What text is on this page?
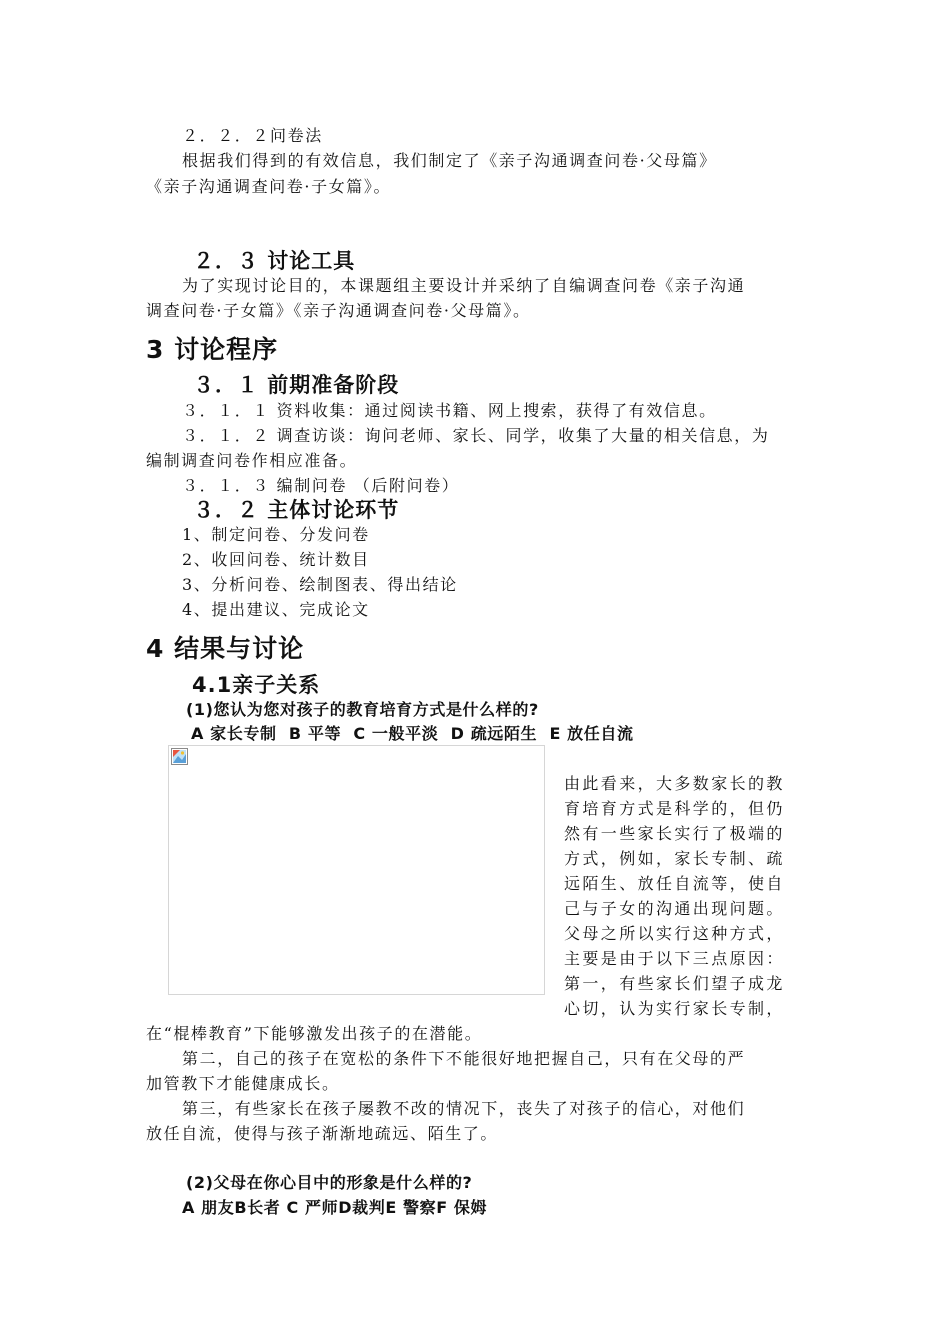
２．２．２问卷法

根据我们得到的有效信息，我们制定了《亲子沟通调查问卷·父母篇》

《亲子沟通调查问卷·子女篇》。

２．３ 讨论工具

为了实现讨论目的，本课题组主要设计并采纳了自编调查问卷《亲子沟通

调查问卷·子女篇》《亲子沟通调查问卷·父母篇》。

3 讨论程序

３．１ 前期准备阶段

３．１．１ 资料收集：通过阅读书籍、网上搜索，获得了有效信息。

３．１．２ 调查访谈：询问老师、家长、同学，收集了大量的相关信息，为

编制调查问卷作相应准备。

３．１．３ 编制问卷 （后附问卷）

３．２ 主体讨论环节

1、制定问卷、分发问卷

2、收回问卷、统计数目

3、分析问卷、绘制图表、得出结论

4、提出建议、完成论文

4 结果与讨论

4.1亲子关系

(1)您认为您对孩子的教育培育方式是什么样的?

A 家长专制  B 平等  C 一般平淡  D 疏远陌生  E 放任自流

由此看来，大多数家长的教

育培育方式是科学的，但仍

然有一些家长实行了极端的

方式，例如，家长专制、疏

远陌生、放任自流等，使自

己与子女的沟通出现问题。

父母之所以实行这种方式，

主要是由于以下三点原因：

第一，有些家长们望子成龙

心切，认为实行家长专制，

在“棍棒教育”下能够激发出孩子的在潜能。

第二，自己的孩子在宽松的条件下不能很好地把握自己，只有在父母的严

加管教下才能健康成长。

第三，有些家长在孩子屡教不改的情况下，丧失了对孩子的信心，对他们

放任自流，使得与孩子渐渐地疏远、陌生了。

(2)父母在你心目中的形象是什么样的?

A 朋友B长者 C 严师D裁判E 警察F 保姆
